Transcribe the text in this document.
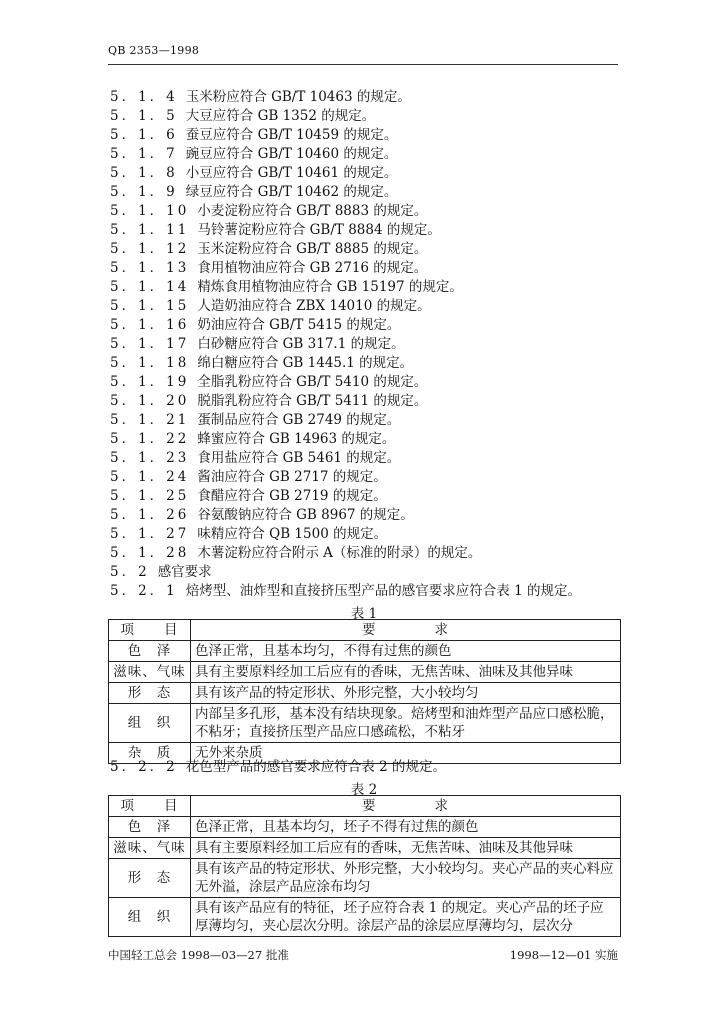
QB 2353—1998
5．1．4 玉米粉应符合 GB/T 10463 的规定。
5．1．5 大豆应符合 GB 1352 的规定。
5．1．6 蚕豆应符合 GB/T 10459 的规定。
5．1．7 豌豆应符合 GB/T 10460 的规定。
5．1．8 小豆应符合 GB/T 10461 的规定。
5．1．9 绿豆应符合 GB/T 10462 的规定。
5．1．10 小麦淀粉应符合 GB/T 8883 的规定。
5．1．11 马铃薯淀粉应符合 GB/T 8884 的规定。
5．1．12 玉米淀粉应符合 GB/T 8885 的规定。
5．1．13 食用植物油应符合 GB 2716 的规定。
5．1．14 精炼食用植物油应符合 GB 15197 的规定。
5．1．15 人造奶油应符合 ZBX 14010 的规定。
5．1．16 奶油应符合 GB/T 5415 的规定。
5．1．17 白砂糖应符合 GB 317.1 的规定。
5．1．18 绵白糖应符合 GB 1445.1 的规定。
5．1．19 全脂乳粉应符合 GB/T 5410 的规定。
5．1．20 脱脂乳粉应符合 GB/T 5411 的规定。
5．1．21 蛋制品应符合 GB 2749 的规定。
5．1．22 蜂蜜应符合 GB 14963 的规定。
5．1．23 食用盐应符合 GB 5461 的规定。
5．1．24 酱油应符合 GB 2717 的规定。
5．1．25 食醋应符合 GB 2719 的规定。
5．1．26 谷氨酸钠应符合 GB 8967 的规定。
5．1．27 味精应符合 QB 1500 的规定。
5．1．28 木薯淀粉应符合附示 A（标准的附录）的规定。
5．2 感官要求
5．2．1 焙烤型、油炸型和直接挤压型产品的感官要求应符合表 1 的规定。
表 1
项　　目	要　　　　求
色　泽	色泽正常，且基本均匀，不得有过焦的颜色
滋味、气味	具有主要原料经加工后应有的香味，无焦苦味、油味及其他异味
形　态	具有该产品的特定形状、外形完整，大小较均匀
组　织	内部呈多孔形，基本没有结块现象。焙烤型和油炸型产品应口感松脆，不粘牙；直接挤压型产品应口感疏松，不粘牙
杂　质	无外来杂质
5．2．2 花色型产品的感官要求应符合表 2 的规定。
表 2
项　　目	要　　　　求
色　泽	色泽正常，且基本均匀，坯子不得有过焦的颜色
滋味、气味	具有主要原料经加工后应有的香味，无焦苦味、油味及其他异味
形　态	具有该产品的特定形状、外形完整，大小较均匀。夹心产品的夹心料应无外溢，涂层产品应涂布均匀
组　织	具有该产品应有的特征，坯子应符合表 1 的规定。夹心产品的坯子应厚薄均匀，夹心层次分明。涂层产品的涂层应厚薄均匀，层次分
中国轻工总会 1998—03—27 批准	1998—12—01 实施
